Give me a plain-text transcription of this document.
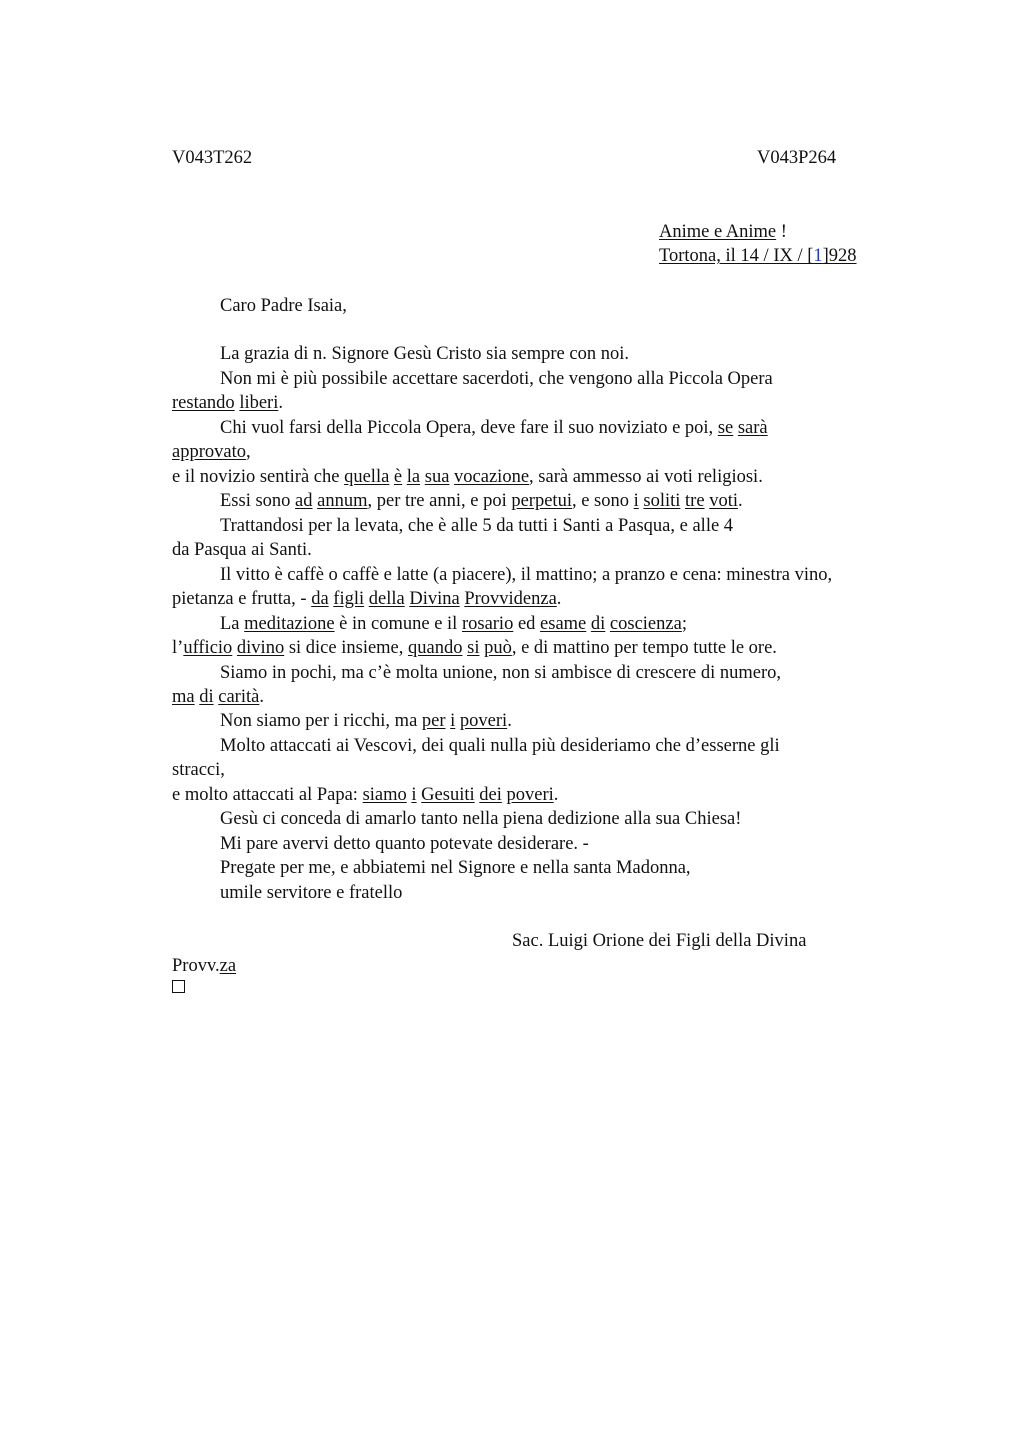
V043T262	V043P264
Anime e Anime !
Tortona, il 14 / IX / [1]928
Caro Padre Isaia,
La grazia di n. Signore Gesù Cristo sia sempre con noi.
Non mi è più possibile accettare sacerdoti, che vengono alla Piccola Opera
restando liberi.
Chi vuol farsi della Piccola Opera, deve fare il suo noviziato e poi, se sarà
approvato,
e il novizio sentirà che quella è la sua vocazione, sarà ammesso ai voti religiosi.
Essi sono ad annum, per tre anni, e poi perpetui, e sono i soliti tre voti.
Trattandosi per la levata, che è alle 5 da tutti i Santi a Pasqua, e alle 4
da Pasqua ai Santi.
Il vitto è caffè o caffè e latte (a piacere), il mattino; a pranzo e cena: minestra vino,
pietanza e frutta, - da figli della Divina Provvidenza.
La meditazione è in comune e il rosario ed esame di coscienza;
l’ufficio divino si dice insieme, quando si può, e di mattino per tempo tutte le ore.
Siamo in pochi, ma c’è molta unione, non si ambisce di crescere di numero,
ma di carità.
Non siamo per i ricchi, ma per i poveri.
Molto attaccati ai Vescovi, dei quali nulla più desideriamo che d’esserne gli
stracci,
e molto attaccati al Papa: siamo i Gesuiti dei poveri.
Gesù ci conceda di amarlo tanto nella piena dedizione alla sua Chiesa!
Mi pare avervi detto quanto potevate desiderare. -
Pregate per me, e abbiatemi nel Signore e nella santa Madonna,
umile servitore e fratello
Sac. Luigi Orione dei Figli della Divina
Provv.za
